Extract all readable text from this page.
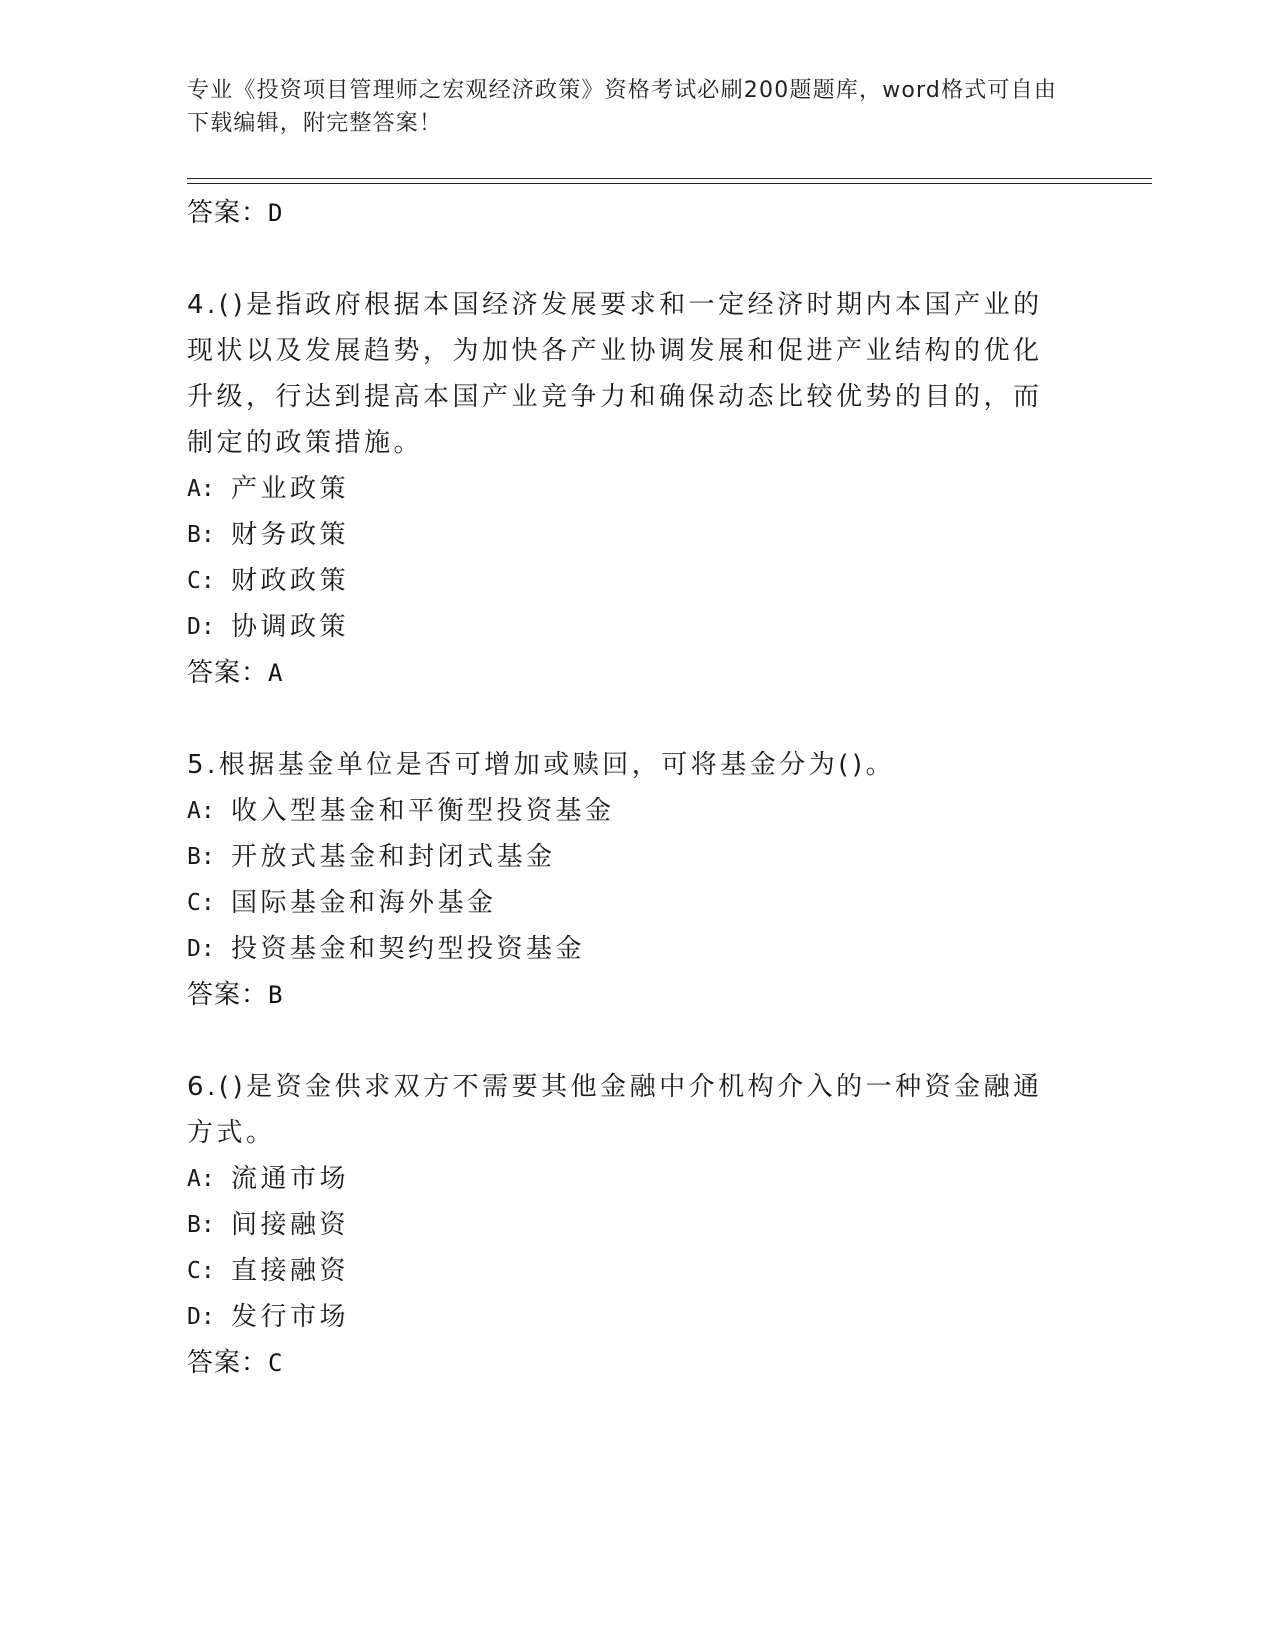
专业《投资项目管理师之宏观经济政策》资格考试必刷200题题库，word格式可自由下载编辑，附完整答案！
答案：D

4.()是指政府根据本国经济发展要求和一定经济时期内本国产业的现状以及发展趋势，为加快各产业协调发展和促进产业结构的优化升级，行达到提高本国产业竞争力和确保动态比较优势的目的，而制定的政策措施。

A: 产业政策
B: 财务政策
C: 财政政策
D: 协调政策
答案：A

5.根据基金单位是否可增加或赎回，可将基金分为()。

A: 收入型基金和平衡型投资基金
B: 开放式基金和封闭式基金
C: 国际基金和海外基金
D: 投资基金和契约型投资基金
答案：B

6.()是资金供求双方不需要其他金融中介机构介入的一种资金融通方式。

A: 流通市场
B: 间接融资
C: 直接融资
D: 发行市场
答案：C
